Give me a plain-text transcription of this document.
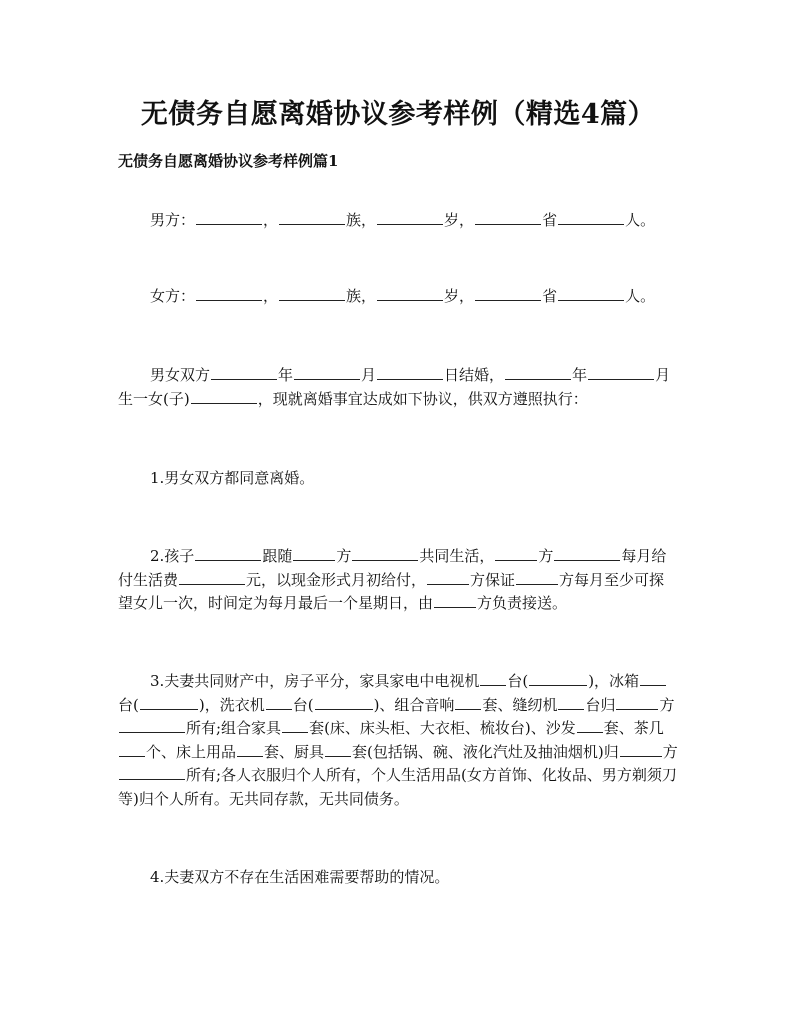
无债务自愿离婚协议参考样例（精选4篇）
无债务自愿离婚协议参考样例篇1

男方：	，	族，	岁，	省	人。

女方：	，	族，	岁，	省	人。

男女双方	年	月	日结婚，	年	月生一女(子)	，现就离婚事宜达成如下协议，供双方遵照执行：

1.男女双方都同意离婚。

2.孩子	跟随	方	共同生活，	方	每月给付生活费	元，以现金形式月初给付，	方保证	方每月至少可探望女儿一次，时间定为每月最后一个星期日，由	方负责接送。

3.夫妻共同财产中，房子平分，家具家电中电视机 台(	)，冰箱台(	)，洗衣机 台(	)、组合音响 套、缝纫机 台归	方所有;组合家具 套(床、床头柜、大衣柜、梳妆台)、沙发 套、茶几个、床上用品 套、厨具 套(包括锅、碗、液化汽灶及抽油烟机)归	方所有;各人衣服归个人所有，个人生活用品(女方首饰、化妆品、男方剃须刀等)归个人所有。无共同存款，无共同债务。

4.夫妻双方不存在生活困难需要帮助的情况。
